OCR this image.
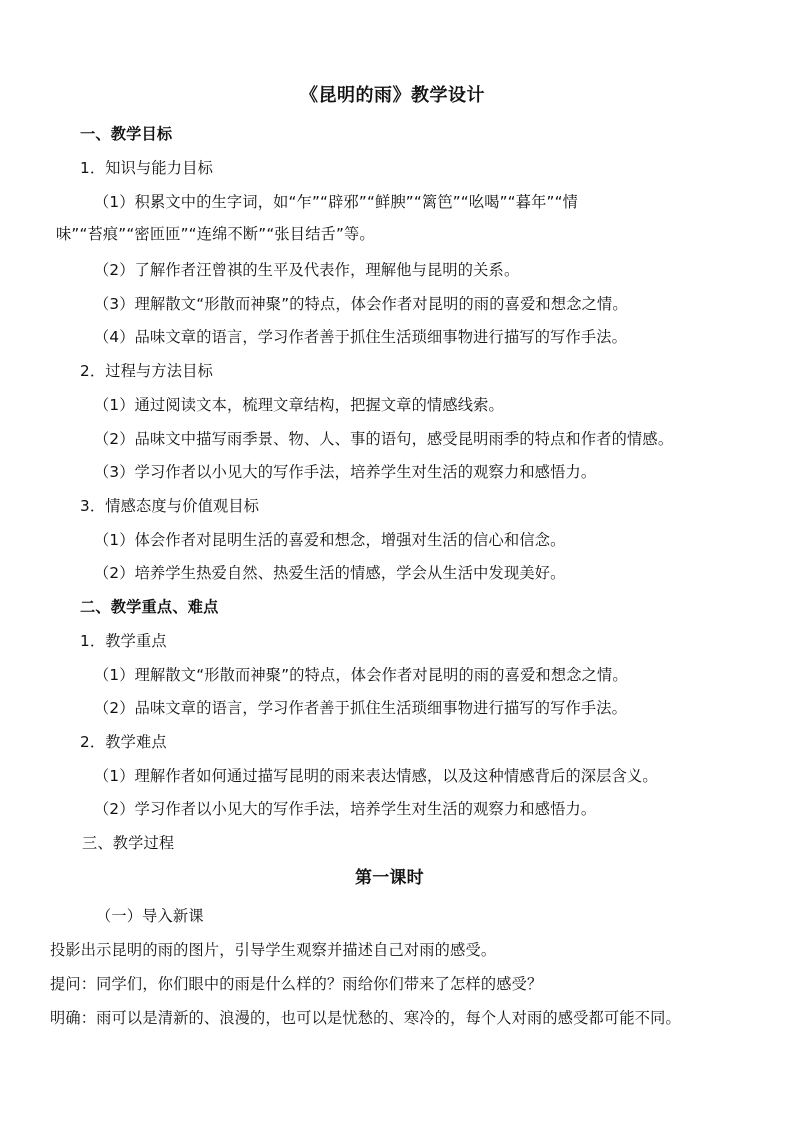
《昆明的雨》教学设计
一、教学目标
1．知识与能力目标
（1）积累文中的生字词，如“乍”“辟邪”“鲜腴”“篱笆”“吆喝”“暮年”“情
味”“苔痕”“密匝匝”“连绵不断”“张目结舌”等。
（2）了解作者汪曾祺的生平及代表作，理解他与昆明的关系。
（3）理解散文“形散而神聚”的特点，体会作者对昆明的雨的喜爱和想念之情。
（4）品味文章的语言，学习作者善于抓住生活琐细事物进行描写的写作手法。
2．过程与方法目标
（1）通过阅读文本，梳理文章结构，把握文章的情感线索。
（2）品味文中描写雨季景、物、人、事的语句，感受昆明雨季的特点和作者的情感。
（3）学习作者以小见大的写作手法，培养学生对生活的观察力和感悟力。
3．情感态度与价值观目标
（1）体会作者对昆明生活的喜爱和想念，增强对生活的信心和信念。
（2）培养学生热爱自然、热爱生活的情感，学会从生活中发现美好。
二、教学重点、难点
1．教学重点
（1）理解散文“形散而神聚”的特点，体会作者对昆明的雨的喜爱和想念之情。
（2）品味文章的语言，学习作者善于抓住生活琐细事物进行描写的写作手法。
2．教学难点
（1）理解作者如何通过描写昆明的雨来表达情感，以及这种情感背后的深层含义。
（2）学习作者以小见大的写作手法，培养学生对生活的观察力和感悟力。
三、教学过程
第一课时
（一）导入新课
投影出示昆明的雨的图片，引导学生观察并描述自己对雨的感受。
提问：同学们，你们眼中的雨是什么样的？雨给你们带来了怎样的感受？
明确：雨可以是清新的、浪漫的，也可以是忧愁的、寒冷的，每个人对雨的感受都可能不同。
